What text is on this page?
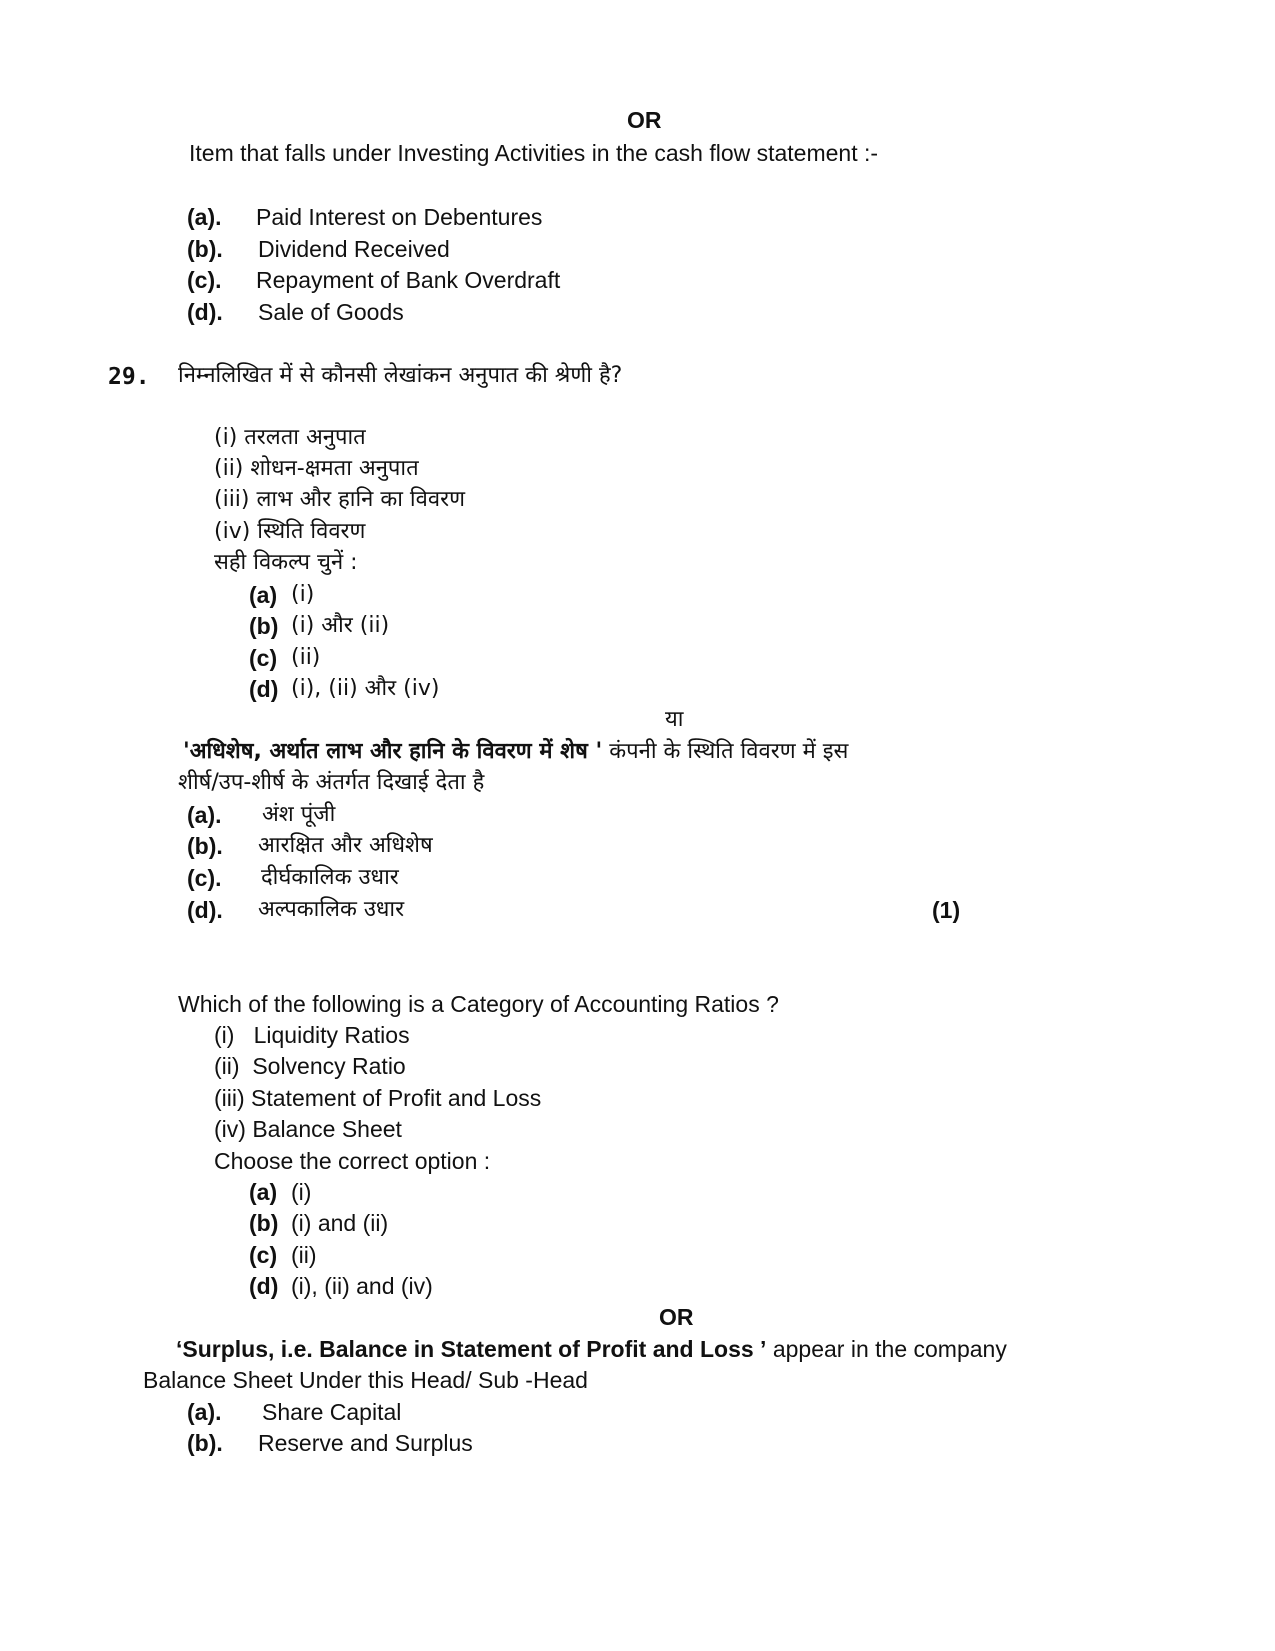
OR
Item that falls under Investing Activities in the cash flow statement :-
(a). Paid Interest on Debentures
(b). Dividend Received
(c). Repayment of Bank Overdraft
(d). Sale of Goods
29. निम्नलिखित में से कौनसी लेखांकन अनुपात की श्रेणी है?
(i) तरलता अनुपात
(ii) शोधन-क्षमता अनुपात
(iii) लाभ और हानि का विवरण
(iv) स्थिति विवरण
सही विकल्प चुनें :
(a) (i)
(b) (i) और (ii)
(c) (ii)
(d) (i), (ii) और (iv)
या
'अधिशेष, अर्थात लाभ और हानि के विवरण में शेष ' कंपनी के स्थिति विवरण में इस
शीर्ष/उप-शीर्ष के अंतर्गत दिखाई देता है
(a). अंश पूंजी
(b). आरक्षित और अधिशेष
(c). दीर्घकालिक उधार
(d). अल्पकालिक उधार	(1)
Which of the following is a Category of Accounting Ratios ?
(i)   Liquidity Ratios
(ii)  Solvency Ratio
(iii) Statement of Profit and Loss
(iv) Balance Sheet
Choose the correct option :
(a) (i)
(b) (i) and (ii)
(c) (ii)
(d) (i), (ii) and (iv)
OR
‘Surplus, i.e. Balance in Statement of Profit and Loss ’ appear in the company
Balance Sheet Under this Head/ Sub -Head
(a). Share Capital
(b). Reserve and Surplus
